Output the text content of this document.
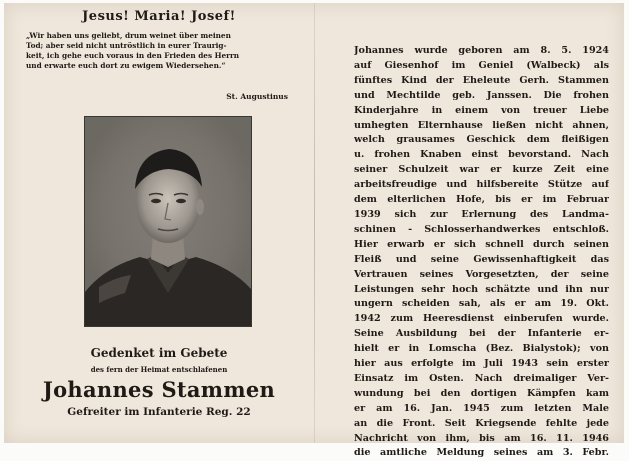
Jesus! Maria! Josef!
„Wir haben uns geliebt, drum weinet über meinen
Tod; aber seid nicht untröstlich in eurer Traurig-
keit, ich gehe euch voraus in den Frieden des Herrn
und erwarte euch dort zu ewigem Wiedersehen.“
St. Augustinus
Gedenket im Gebete
des fern der Heimat entschlafenen
Johannes Stammen
Gefreiter im Infanterie Reg. 22
Johannes wurde geboren am 8. 5. 1924
auf Giesenhof im Geniel (Walbeck) als
fünftes Kind der Eheleute Gerh. Stammen
und Mechtilde geb. Janssen. Die frohen
Kinderjahre in einem von treuer Liebe
umhegten Elternhause ließen nicht ahnen,
welch grausames Geschick dem fleißigen
u. frohen Knaben einst bevorstand. Nach
seiner Schulzeit war er kurze Zeit eine
arbeitsfreudige und hilfsbereite Stütze auf
dem elterlichen Hofe, bis er im Februar
1939 sich zur Erlernung des Landma-
schinen - Schlosserhandwerkes entschloß.
Hier erwarb er sich schnell durch seinen
Fleiß und seine Gewissenhaftigkeit das
Vertrauen seines Vorgesetzten, der seine
Leistungen sehr hoch schätzte und ihn nur
ungern scheiden sah, als er am 19. Okt.
1942 zum Heeresdienst einberufen wurde.
Seine Ausbildung bei der Infanterie er-
hielt er in Lomscha (Bez. Bialystok); von
hier aus erfolgte im Juli 1943 sein erster
Einsatz im Osten. Nach dreimaliger Ver-
wundung bei den dortigen Kämpfen kam
er am 16. Jan. 1945 zum letzten Male
an die Front. Seit Kriegsende fehlte jede
Nachricht von ihm, bis am 16. 11. 1946
die amtliche Meldung seines am 3. Febr.
